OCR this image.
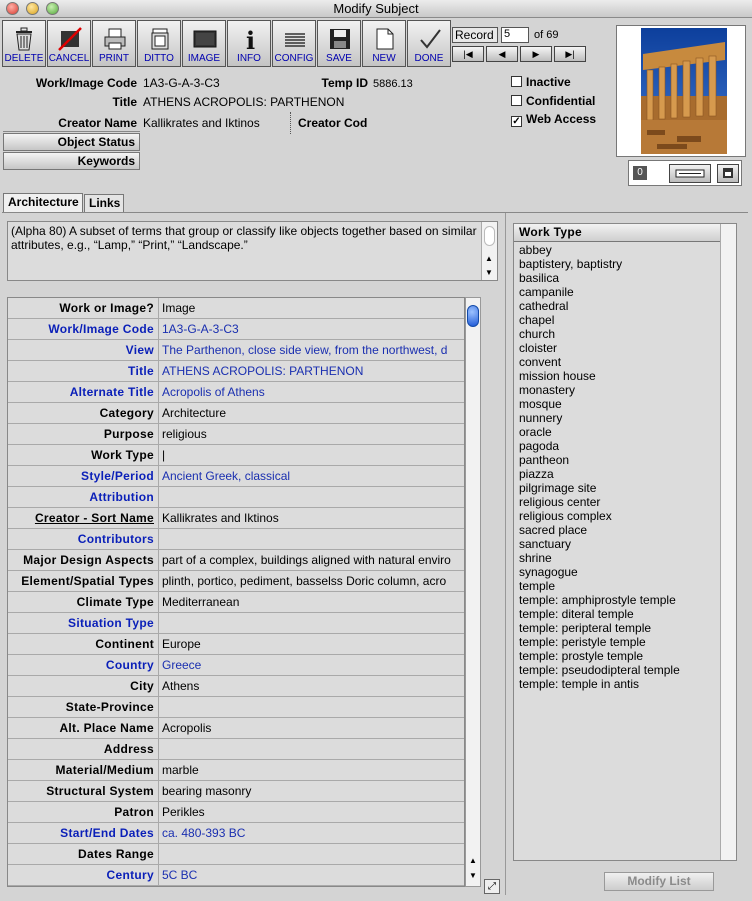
Modify Subject
DELETE CANCEL PRINT	DITTO	IMAGE
i
INFO	CONFIG	SAVE	NEW	DONE
Record 5	of 69
|◀	◀	▶	▶|
Work/Image Code 1A3-G-A-3-C3	Temp ID 5886.13
Title ATHENS ACROPOLIS: PARTHENON
Creator Name Kallikrates and Iktinos	Creator Cod
Object Status
Keywords
Inactive
Confidential
✓ Web Access
0
Architecture Links
(Alpha 80) A subset of terms that group or classify like objects together based on similar attributes, e.g., “Lamp,” “Print,” “Landscape.”
▲
▼
Work or Image? Image
Work/Image Code 1A3-G-A-3-C3
View The Parthenon, close side view, from the northwest, d
Title ATHENS ACROPOLIS: PARTHENON
Alternate Title Acropolis of Athens
Category Architecture
Purpose religious
Work Type |
Style/Period Ancient Greek, classical
Attribution
Creator - Sort Name Kallikrates and Iktinos
Contributors
Major Design Aspects part of a complex, buildings aligned with natural enviro
Element/Spatial Types plinth, portico, pediment, basselss Doric column, acro
Climate Type Mediterranean
Situation Type
Continent Europe
Country Greece
City Athens
State-Province
Alt. Place Name Acropolis
Address
Material/Medium marble
Structural System bearing masonry
Patron Perikles
Start/End Dates ca. 480-393 BC
Dates Range
Century 5C BC
▲
▼
⤢
Work Type
abbey
baptistery, baptistry
basilica
campanile
cathedral
chapel
church
cloister
convent
mission house
monastery
mosque
nunnery
oracle
pagoda
pantheon
piazza
pilgrimage site
religious center
religious complex
sacred place
sanctuary
shrine
synagogue
temple
temple: amphiprostyle temple
temple: diteral temple
temple: peripteral temple
temple: peristyle temple
temple: prostyle temple
temple: pseudodipteral temple
temple: temple in antis
Modify List
